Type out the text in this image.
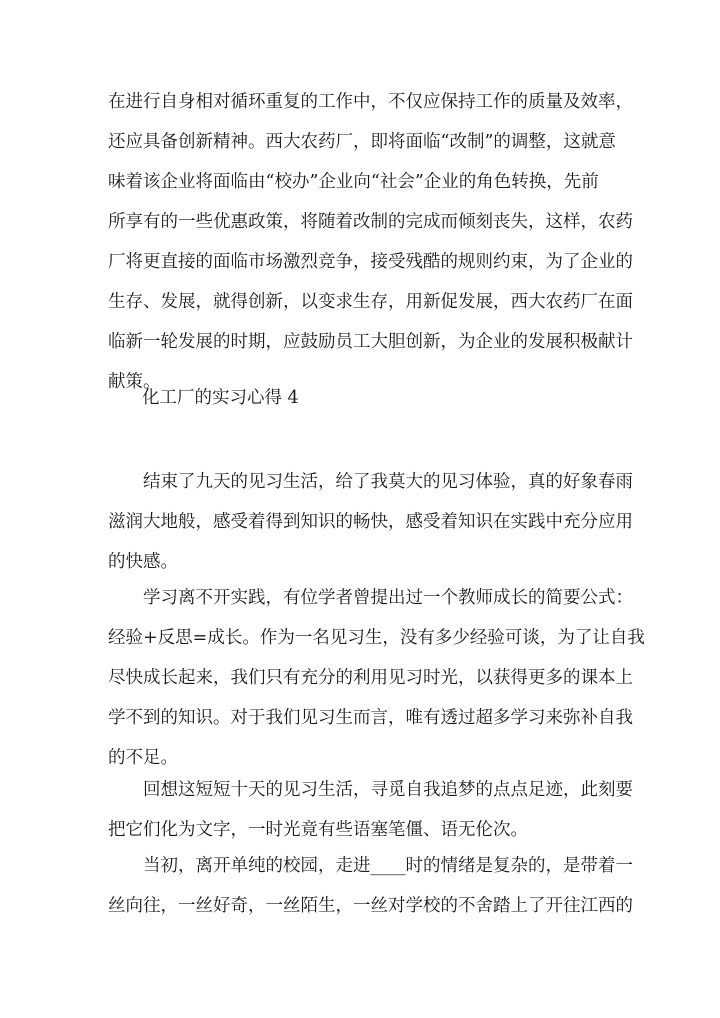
在进行自身相对循环重复的工作中，不仅应保持工作的质量及效率，
还应具备创新精神。西大农药厂，即将面临“改制”的调整，这就意
味着该企业将面临由“校办”企业向“社会”企业的角色转换，先前
所享有的一些优惠政策，将随着改制的完成而倾刻丧失，这样，农药
厂将更直接的面临市场激烈竞争，接受残酷的规则约束，为了企业的
生存、发展，就得创新，以变求生存，用新促发展，西大农药厂在面
临新一轮发展的时期，应鼓励员工大胆创新，为企业的发展积极献计
献策。

化工厂的实习心得 4

结束了九天的见习生活，给了我莫大的见习体验，真的好象春雨
滋润大地般，感受着得到知识的畅快，感受着知识在实践中充分应用
的快感。
学习离不开实践，有位学者曾提出过一个教师成长的简要公式：
经验+反思=成长。作为一名见习生，没有多少经验可谈，为了让自我
尽快成长起来，我们只有充分的利用见习时光，以获得更多的课本上
学不到的知识。对于我们见习生而言，唯有透过超多学习来弥补自我
的不足。
回想这短短十天的见习生活，寻觅自我追梦的点点足迹，此刻要
把它们化为文字，一时光竟有些语塞笔僵、语无伦次。
当初，离开单纯的校园，走进____时的情绪是复杂的，是带着一
丝向往，一丝好奇，一丝陌生，一丝对学校的不舍踏上了开往江西的
